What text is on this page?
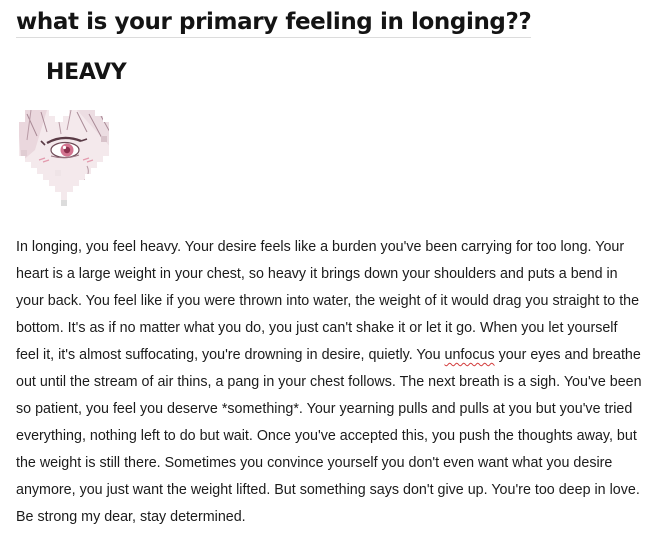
what is your primary feeling in longing??
HEAVY

In longing, you feel heavy. Your desire feels like a burden you've been carrying for too long. Your heart is a large weight in your chest, so heavy it brings down your shoulders and puts a bend in your back. You feel like if you were thrown into water, the weight of it would drag you straight to the bottom. It's as if no matter what you do, you just can't shake it or let it go. When you let yourself feel it, it's almost suffocating, you're drowning in desire, quietly. You unfocus your eyes and breathe out until the stream of air thins, a pang in your chest follows. The next breath is a sigh. You've been so patient, you feel you deserve *something*. Your yearning pulls and pulls at you but you've tried everything, nothing left to do but wait. Once you've accepted this, you push the thoughts away, but the weight is still there. Sometimes you convince yourself you don't even want what you desire anymore, you just want the weight lifted. But something says don't give up. You're too deep in love. Be strong my dear, stay determined.
